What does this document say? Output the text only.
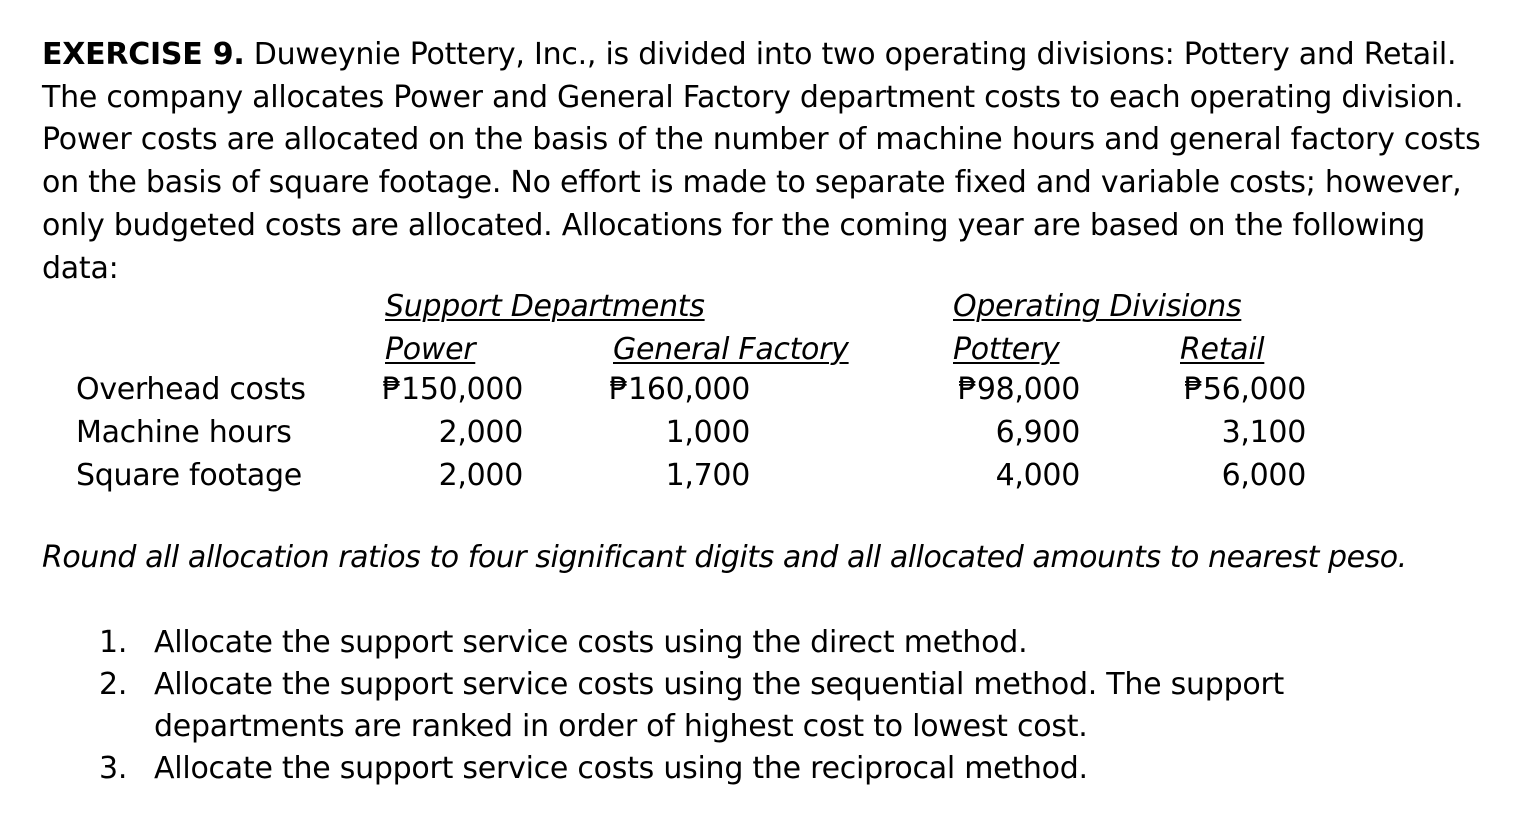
EXERCISE 9. Duweynie Pottery, Inc., is divided into two operating divisions: Pottery and Retail. The company allocates Power and General Factory department costs to each operating division. Power costs are allocated on the basis of the number of machine hours and general factory costs on the basis of square footage. No effort is made to separate fixed and variable costs; however, only budgeted costs are allocated. Allocations for the coming year are based on the following data:
Support Departments	Operating Divisions
Power	General Factory	Pottery	Retail
Overhead costs	₱150,000	₱160,000	₱98,000	₱56,000
Machine hours	2,000	1,000	6,900	3,100
Square footage	2,000	1,700	4,000	6,000
Round all allocation ratios to four significant digits and all allocated amounts to nearest peso.
1. Allocate the support service costs using the direct method.
2. Allocate the support service costs using the sequential method. The support departments are ranked in order of highest cost to lowest cost.
3. Allocate the support service costs using the reciprocal method.
